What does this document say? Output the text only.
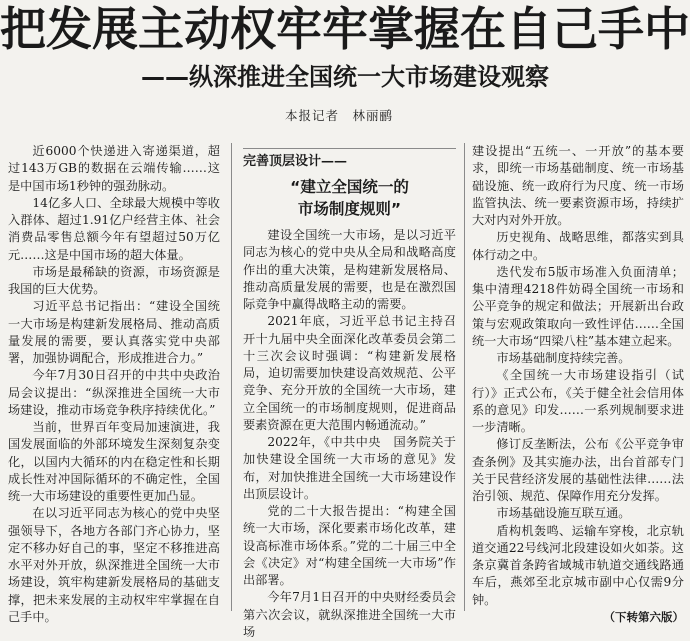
把发展主动权牢牢掌握在自己手中
——纵深推进全国统一大市场建设观察
本报记者　林丽鹂
完善顶层设计——
“建立全国统一的
市场制度规则”

近6000个快递进入寄递渠道，超过143万GB的数据在云端传输……这是中国市场1秒钟的强劲脉动。

14亿多人口、全球最大规模中等收入群体、超过1.91亿户经营主体、社会消费品零售总额今年有望超过50万亿元……这是中国市场的超大体量。

市场是最稀缺的资源，市场资源是我国的巨大优势。

习近平总书记指出：“建设全国统一大市场是构建新发展格局、推动高质量发展的需要，要认真落实党中央部署，加强协调配合，形成推进合力。”

今年7月30日召开的中共中央政治局会议提出：“纵深推进全国统一大市场建设，推动市场竞争秩序持续优化。”

当前，世界百年变局加速演进，我国发展面临的外部环境发生深刻复杂变化，以国内大循环的内在稳定性和长期成长性对冲国际循环的不确定性，全国统一大市场建设的重要性更加凸显。

在以习近平同志为核心的党中央坚强领导下，各地方各部门齐心协力，坚定不移办好自己的事，坚定不移推进高水平对外开放，纵深推进全国统一大市场建设，筑牢构建新发展格局的基础支撑，把未来发展的主动权牢牢掌握在自己手中。

建设全国统一大市场，是以习近平同志为核心的党中央从全局和战略高度作出的重大决策，是构建新发展格局、推动高质量发展的需要，也是在激烈国际竞争中赢得战略主动的需要。

2021年底，习近平总书记主持召开十九届中央全面深化改革委员会第二十三次会议时强调：“构建新发展格局，迫切需要加快建设高效规范、公平竞争、充分开放的全国统一大市场，建立全国统一的市场制度规则，促进商品要素资源在更大范围内畅通流动。”

2022年，《中共中央　国务院关于加快建设全国统一大市场的意见》发布，对加快推进全国统一大市场建设作出顶层设计。

党的二十大报告提出：“构建全国统一大市场，深化要素市场化改革，建设高标准市场体系。”党的二十届三中全会《决定》对“构建全国统一大市场”作出部署。

今年7月1日召开的中央财经委员会第六次会议，就纵深推进全国统一大市场

建设提出“五统一、一开放”的基本要求，即统一市场基础制度、统一市场基础设施、统一政府行为尺度、统一市场监管执法、统一要素资源市场，持续扩大对内对外开放。

历史视角、战略思维，都落实到具体行动之中。

迭代发布5版市场准入负面清单；集中清理4218件妨碍全国统一市场和公平竞争的规定和做法；开展新出台政策与宏观政策取向一致性评估……全国统一大市场“四梁八柱”基本建立起来。

市场基础制度持续完善。

《全国统一大市场建设指引（试行）》正式公布，《关于健全社会信用体系的意见》印发……一系列规制要求进一步清晰。

修订反垄断法，公布《公平竞争审查条例》及其实施办法，出台首部专门关于民营经济发展的基础性法律……法治引领、规范、保障作用充分发挥。

市场基础设施互联互通。

盾构机轰鸣、运输车穿梭，北京轨道交通22号线河北段建设如火如荼。这条京冀首条跨省域城市轨道交通线路通车后，燕郊至北京城市副中心仅需9分钟。

（下转第六版）
